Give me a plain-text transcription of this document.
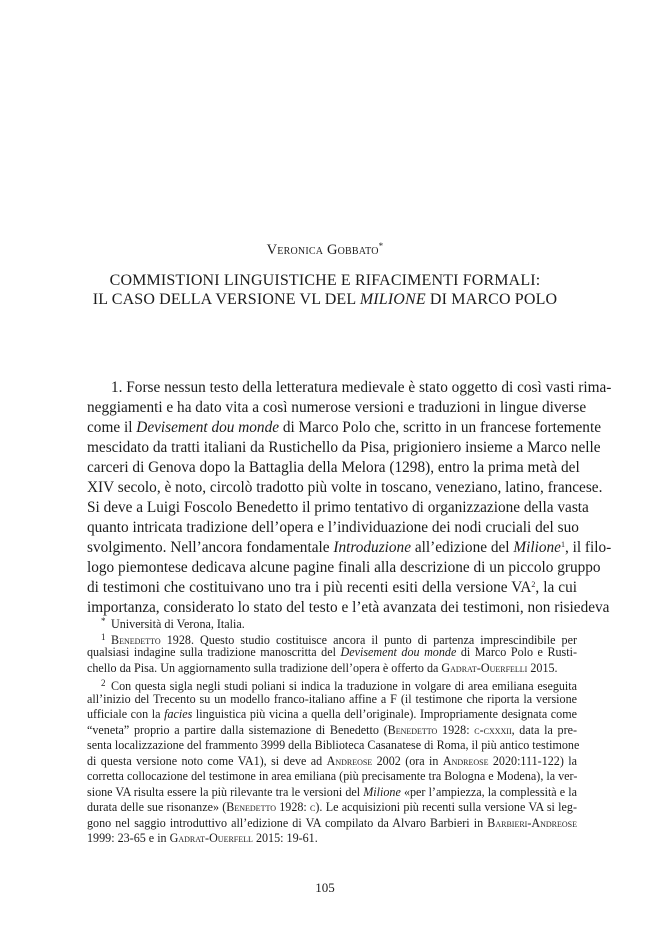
Veronica Gobbato*
COMMISTIONI LINGUISTICHE E RIFACIMENTI FORMALI:
IL CASO DELLA VERSIONE VL DEL MILIONE DI MARCO POLO
1. Forse nessun testo della letteratura medievale è stato oggetto di così vasti rima-
neggiamenti e ha dato vita a così numerose versioni e traduzioni in lingue diverse
come il Devisement dou monde di Marco Polo che, scritto in un francese fortemente
mescidato da tratti italiani da Rustichello da Pisa, prigioniero insieme a Marco nelle
carceri di Genova dopo la Battaglia della Melora (1298), entro la prima metà del
XIV secolo, è noto, circolò tradotto più volte in toscano, veneziano, latino, francese.
Si deve a Luigi Foscolo Benedetto il primo tentativo di organizzazione della vasta
quanto intricata tradizione dell’opera e l’individuazione dei nodi cruciali del suo
svolgimento. Nell’ancora fondamentale Introduzione all’edizione del Milione$^1$, il filo-
logo piemontese dedicava alcune pagine finali alla descrizione di un piccolo gruppo
di testimoni che costituivano uno tra i più recenti esiti della versione $VA^2$, la cui
importanza, considerato lo stato del testo e l’età avanzata dei testimoni, non risiedeva
* Università di Verona, Italia.
1 Benedetto 1928. Questo studio costituisce ancora il punto di partenza imprescindibile per
qualsiasi indagine sulla tradizione manoscritta del Devisement dou monde di Marco Polo e Rusti-
chello da Pisa. Un aggiornamento sulla tradizione dell’opera è offerto da Gadrat-Ouerfelli 2015.
2 Con questa sigla negli studi poliani si indica la traduzione in volgare di area emiliana eseguita
all’inizio del Trecento su un modello franco-italiano affine a F (il testimone che riporta la versione
ufficiale con la facies linguistica più vicina a quella dell’originale). Impropriamente designata come
“veneta” proprio a partire dalla sistemazione di Benedetto (Benedetto 1928: c-cxxxii, data la pre-
senta localizzazione del frammento 3999 della Biblioteca Casanatese di Roma, il più antico testimone
di questa versione noto come VA1), si deve ad Andreose 2002 (ora in Andreose 2020:111-122) la
corretta collocazione del testimone in area emiliana (più precisamente tra Bologna e Modena), la ver-
sione VA risulta essere la più rilevante tra le versioni del Milione «per l’ampiezza, la complessità e la
durata delle sue risonanze» (Benedetto 1928: c). Le acquisizioni più recenti sulla versione VA si leg-
gono nel saggio introduttivo all’edizione di VA compilato da Alvaro Barbieri in Barbieri-Andreose
1999: 23-65 e in Gadrat-Ouerfell 2015: 19-61.
105
